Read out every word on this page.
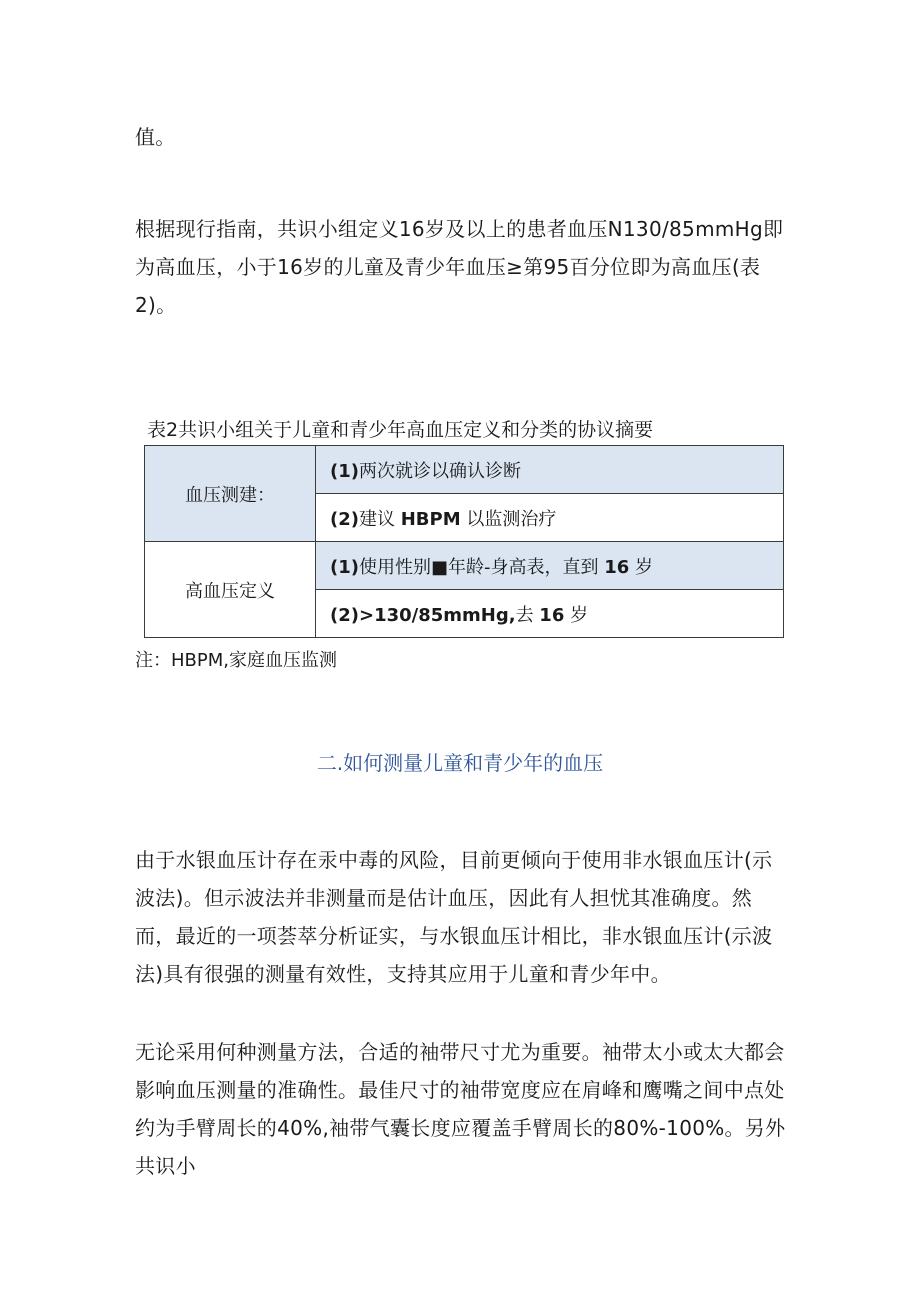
值。

根据现行指南，共识小组定义16岁及以上的患者血压N130/85mmHg即为高血压，小于16岁的儿童及青少年血压≥第95百分位即为高血压(表2)。

表2共识小组关于儿童和青少年高血压定义和分类的协议摘要

血压测建：	(1)两次就诊以确认诊断
	(2)建议 HBPM 以监测治疗
高血压定义	(1)使用性别■年龄-身高表，直到 16 岁
	(2)>130/85mmHg,去 16 岁

注：HBPM,家庭血压监测

二.如何测量儿童和青少年的血压

由于水银血压计存在汞中毒的风险，目前更倾向于使用非水银血压计(示波法)。但示波法并非测量而是估计血压，因此有人担忧其准确度。然而，最近的一项荟萃分析证实，与水银血压计相比，非水银血压计(示波法)具有很强的测量有效性，支持其应用于儿童和青少年中。

无论采用何种测量方法，合适的袖带尺寸尤为重要。袖带太小或太大都会影响血压测量的准确性。最佳尺寸的袖带宽度应在肩峰和鹰嘴之间中点处约为手臂周长的40%,袖带气囊长度应覆盖手臂周长的80%-100%。另外共识小
